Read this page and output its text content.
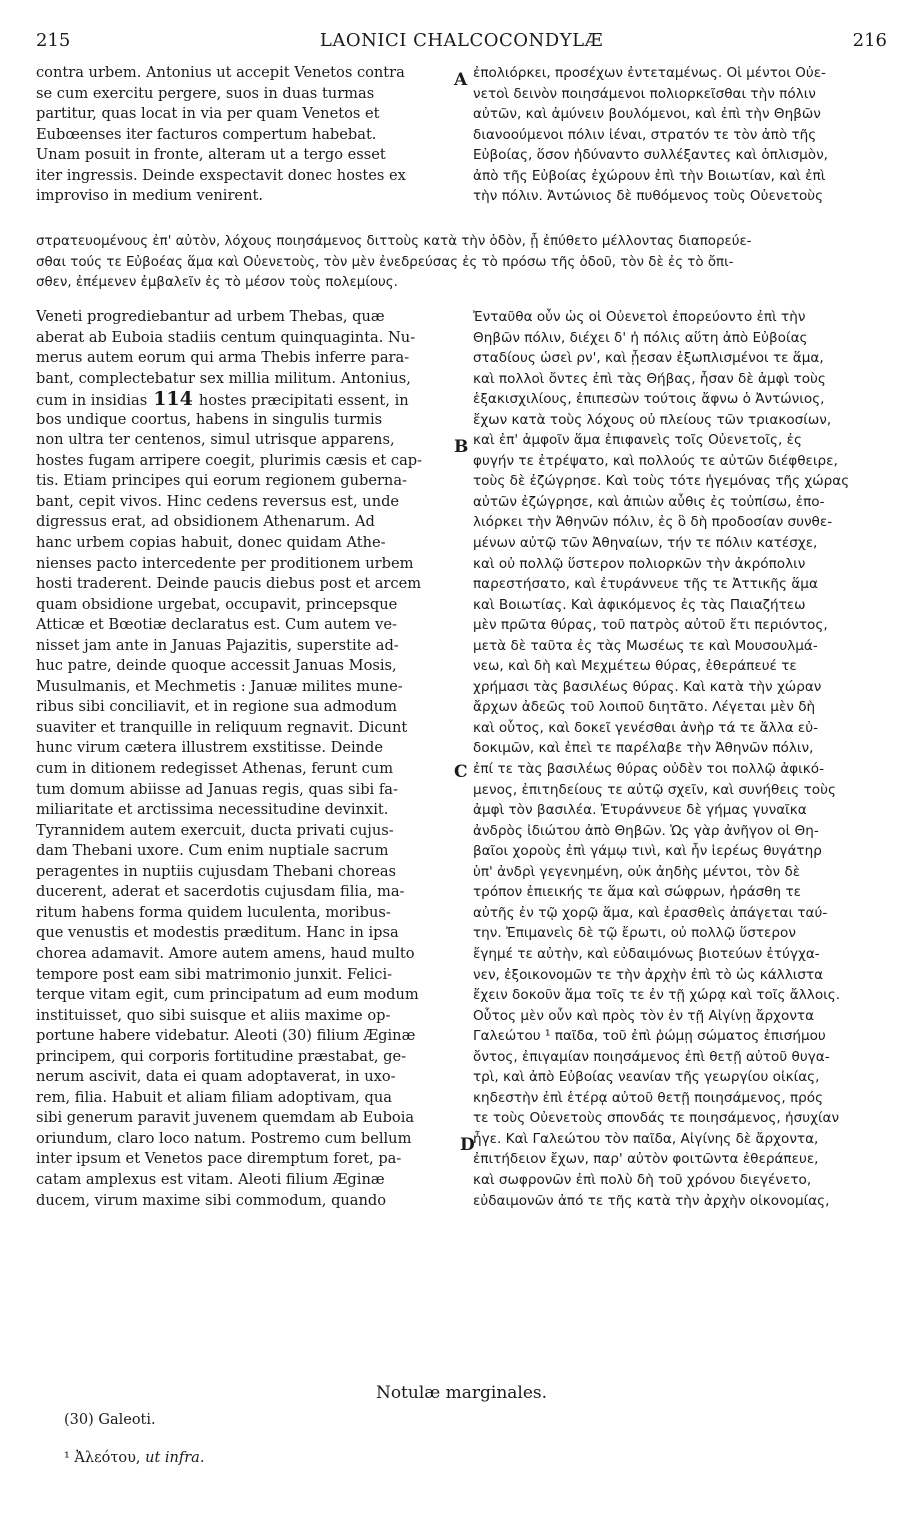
215	LAONICI CHALCOCONDYLÆ	216
contra urbem. Antonius ut accepit Venetos contra
se cum exercitu pergere, suos in duas turmas
partitur, quas locat in via per quam Venetos et
Eubœenses iter facturos compertum habebat.
Unam posuit in fronte, alteram ut a tergo esset
iter ingressis. Deinde exspectavit donec hostes ex
improviso in medium venirent.
ἐπολιόρκει, προσέχων ἐντεταμένως. Οἱ μέντοι Οὐε-
νετοὶ δεινὸν ποιησάμενοι πολιορκεῖσθαι τὴν πόλιν
αὐτῶν, καὶ ἀμύνειν βουλόμενοι, καὶ ἐπὶ τὴν Θηβῶν
διανοούμενοι πόλιν ἰέναι, στρατόν τε τὸν ἀπὸ τῆς
Εὐβοίας, ὅσον ἠδύναντο συλλέξαντες καὶ ὁπλισμὸν,
ἀπὸ τῆς Εὐβοίας ἐχώρουν ἐπὶ τὴν Βοιωτίαν, καὶ ἐπὶ
τὴν πόλιν. Ἀντώνιος δὲ πυθόμενος τοὺς Οὐενετοὺς
στρατευομένους ἐπ' αὐτὸν, λόχους ποιησάμενος διττοὺς κατὰ τὴν ὁδὸν, ᾗ ἐπύθετο μέλλοντας διαπορεύε-
σθαι τούς τε Εὐβοέας ἅμα καὶ Οὐενετοὺς, τὸν μὲν ἐνεδρεύσας ἐς τὸ πρόσω τῆς ὁδοῦ, τὸν δὲ ἐς τὸ ὄπι-
σθεν, ἐπέμενεν ἐμβαλεῖν ἐς τὸ μέσον τοὺς πολεμίους.
Veneti progrediebantur ad urbem Thebas, quæ
aberat ab Euboia stadiis centum quinquaginta. Nu-
merus autem eorum qui arma Thebis inferre para-
bant, complectebatur sex millia militum. Antonius,
cum in insidias 114 hostes præcipitati essent, in
bos undique coortus, habens in singulis turmis
non ultra ter centenos, simul utrisque apparens,
hostes fugam arripere coegit, plurimis cæsis et cap-
tis. Etiam principes qui eorum regionem guberna-
bant, cepit vivos. Hinc cedens reversus est, unde
digressus erat, ad obsidionem Athenarum. Ad
hanc urbem copias habuit, donec quidam Athe-
nienses pacto intercedente per proditionem urbem
hosti traderent. Deinde paucis diebus post et arcem
quam obsidione urgebat, occupavit, princepsque
Atticæ et Bœotiæ declaratus est. Cum autem ve-
nisset jam ante in Januas Pajazitis, superstite ad-
huc patre, deinde quoque accessit Januas Mosis,
Musulmanis, et Mechmetis : Januæ milites mune-
ribus sibi conciliavit, et in regione sua admodum
suaviter et tranquille in reliquum regnavit. Dicunt
hunc virum cætera illustrem exstitisse. Deinde
cum in ditionem redegisset Athenas, ferunt cum
tum domum abiisse ad Januas regis, quas sibi fa-
miliaritate et arctissima necessitudine devinxit.
Tyrannidem autem exercuit, ducta privati cujus-
dam Thebani uxore. Cum enim nuptiale sacrum
peragentes in nuptiis cujusdam Thebani choreas
ducerent, aderat et sacerdotis cujusdam filia, ma-
ritum habens forma quidem luculenta, moribus-
que venustis et modestis præditum. Hanc in ipsa
chorea adamavit. Amore autem amens, haud multo
tempore post eam sibi matrimonio junxit. Felici-
terque vitam egit, cum principatum ad eum modum
instituisset, quo sibi suisque et aliis maxime op-
portune habere videbatur. Aleoti (30) filium Æginæ
principem, qui corporis fortitudine præstabat, ge-
nerum ascivit, data ei quam adoptaverat, in uxo-
rem, filia. Habuit et aliam filiam adoptivam, qua
sibi generum paravit juvenem quemdam ab Euboia
oriundum, claro loco natum. Postremo cum bellum
inter ipsum et Venetos pace diremptum foret, pa-
catam amplexus est vitam. Aleoti filium Æginæ
ducem, virum maxime sibi commodum, quando
Ἐνταῦθα οὖν ὡς οἱ Οὐενετοὶ ἐπορεύοντο ἐπὶ τὴν
Θηβῶν πόλιν, διέχει δ' ἡ πόλις αὕτη ἀπὸ Εὐβοίας
σταδίους ὡσεὶ ρν', καὶ ᾖεσαν ἐξωπλισμένοι τε ἅμα,
καὶ πολλοὶ ὄντες ἐπὶ τὰς Θήβας, ἦσαν δὲ ἀμφὶ τοὺς
ἑξακισχιλίους, ἐπιπεσὼν τούτοις ἄφνω ὁ Ἀντώνιος,
ἔχων κατὰ τοὺς λόχους οὐ πλείους τῶν τριακοσίων,
καὶ ἐπ' ἀμφοῖν ἅμα ἐπιφανεὶς τοῖς Οὐενετοῖς, ἐς
φυγήν τε ἐτρέψατο, καὶ πολλούς τε αὐτῶν διέφθειρε,
τοὺς δὲ ἐζώγρησε. Καὶ τοὺς τότε ἡγεμόνας τῆς χώρας
αὐτῶν ἐζώγρησε, καὶ ἀπιὼν αὖθις ἐς τοὐπίσω, ἐπο-
λιόρκει τὴν Ἀθηνῶν πόλιν, ἐς ὃ δὴ προδοσίαν συνθε-
μένων αὐτῷ τῶν Ἀθηναίων, τήν τε πόλιν κατέσχε,
καὶ οὐ πολλῷ ὕστερον πολιορκῶν τὴν ἀκρόπολιν
παρεστήσατο, καὶ ἐτυράννευε τῆς τε Ἀττικῆς ἅμα
καὶ Βοιωτίας. Καὶ ἀφικόμενος ἐς τὰς Παιαζήτεω
μὲν πρῶτα θύρας, τοῦ πατρὸς αὐτοῦ ἔτι περιόντος,
μετὰ δὲ ταῦτα ἐς τὰς Μωσέως τε καὶ Μουσουλμά-
νεω, καὶ δὴ καὶ Μεχμέτεω θύρας, ἐθεράπευέ τε
χρήμασι τὰς βασιλέως θύρας. Καὶ κατὰ τὴν χώραν
ἄρχων ἀδεῶς τοῦ λοιποῦ διητᾶτο. Λέγεται μὲν δὴ
καὶ οὗτος, καὶ δοκεῖ γενέσθαι ἀνὴρ τά τε ἄλλα εὐ-
δοκιμῶν, καὶ ἐπεὶ τε παρέλαβε τὴν Ἀθηνῶν πόλιν,
ἐπί τε τὰς βασιλέως θύρας οὐδὲν τοι πολλῷ ἀφικό-
μενος, ἐπιτηδείους τε αὐτῷ σχεῖν, καὶ συνήθεις τοὺς
ἀμφὶ τὸν βασιλέα. Ἐτυράννευε δὲ γήμας γυναῖκα
ἀνδρὸς ἰδιώτου ἀπὸ Θηβῶν. Ὡς γὰρ ἀνῆγον οἱ Θη-
βαῖοι χοροὺς ἐπὶ γάμῳ τινὶ, καὶ ἦν ἱερέως θυγάτηρ
ὑπ' ἀνδρὶ γεγενημένη, οὐκ ἀηδὴς μέντοι, τὸν δὲ
τρόπον ἐπιεικής τε ἅμα καὶ σώφρων, ἠράσθη τε
αὐτῆς ἐν τῷ χορῷ ἅμα, καὶ ἐρασθεὶς ἀπάγεται ταύ-
την. Ἐπιμανεὶς δὲ τῷ ἔρωτι, οὐ πολλῷ ὕστερον
ἔγημέ τε αὐτὴν, καὶ εὐδαιμόνως βιοτεύων ἐτύγχα-
νεν, ἐξοικονομῶν τε τὴν ἀρχὴν ἐπὶ τὸ ὡς κάλλιστα
ἔχειν δοκοῦν ἅμα τοῖς τε ἐν τῇ χώρᾳ καὶ τοῖς ἄλλοις.
Οὗτος μὲν οὖν καὶ πρὸς τὸν ἐν τῇ Αἰγίνῃ ἄρχοντα
Γαλεώτου ¹ παῖδα, τοῦ ἐπὶ ῥώμῃ σώματος ἐπισήμου
ὄντος, ἐπιγαμίαν ποιησάμενος ἐπὶ θετῇ αὐτοῦ θυγα-
τρὶ, καὶ ἀπὸ Εὐβοίας νεανίαν τῆς γεωργίου οἰκίας,
κηδεστὴν ἐπὶ ἑτέρᾳ αὐτοῦ θετῇ ποιησάμενος, πρός
τε τοὺς Οὐενετοὺς σπονδάς τε ποιησάμενος, ἡσυχίαν
ἦγε. Καὶ Γαλεώτου τὸν παῖδα, Αἰγίνης δὲ ἄρχοντα,
ἐπιτήδειον ἔχων, παρ' αὐτὸν φοιτῶντα ἐθεράπευε,
καὶ σωφρονῶν ἐπὶ πολὺ δὴ τοῦ χρόνου διεγένετο,
εὐδαιμονῶν ἀπό τε τῆς κατὰ τὴν ἀρχὴν οἰκονομίας,
A
B
C
D
Notulæ marginales.
(30) Galeoti.
¹ Ἀλεότου, ut infra.
